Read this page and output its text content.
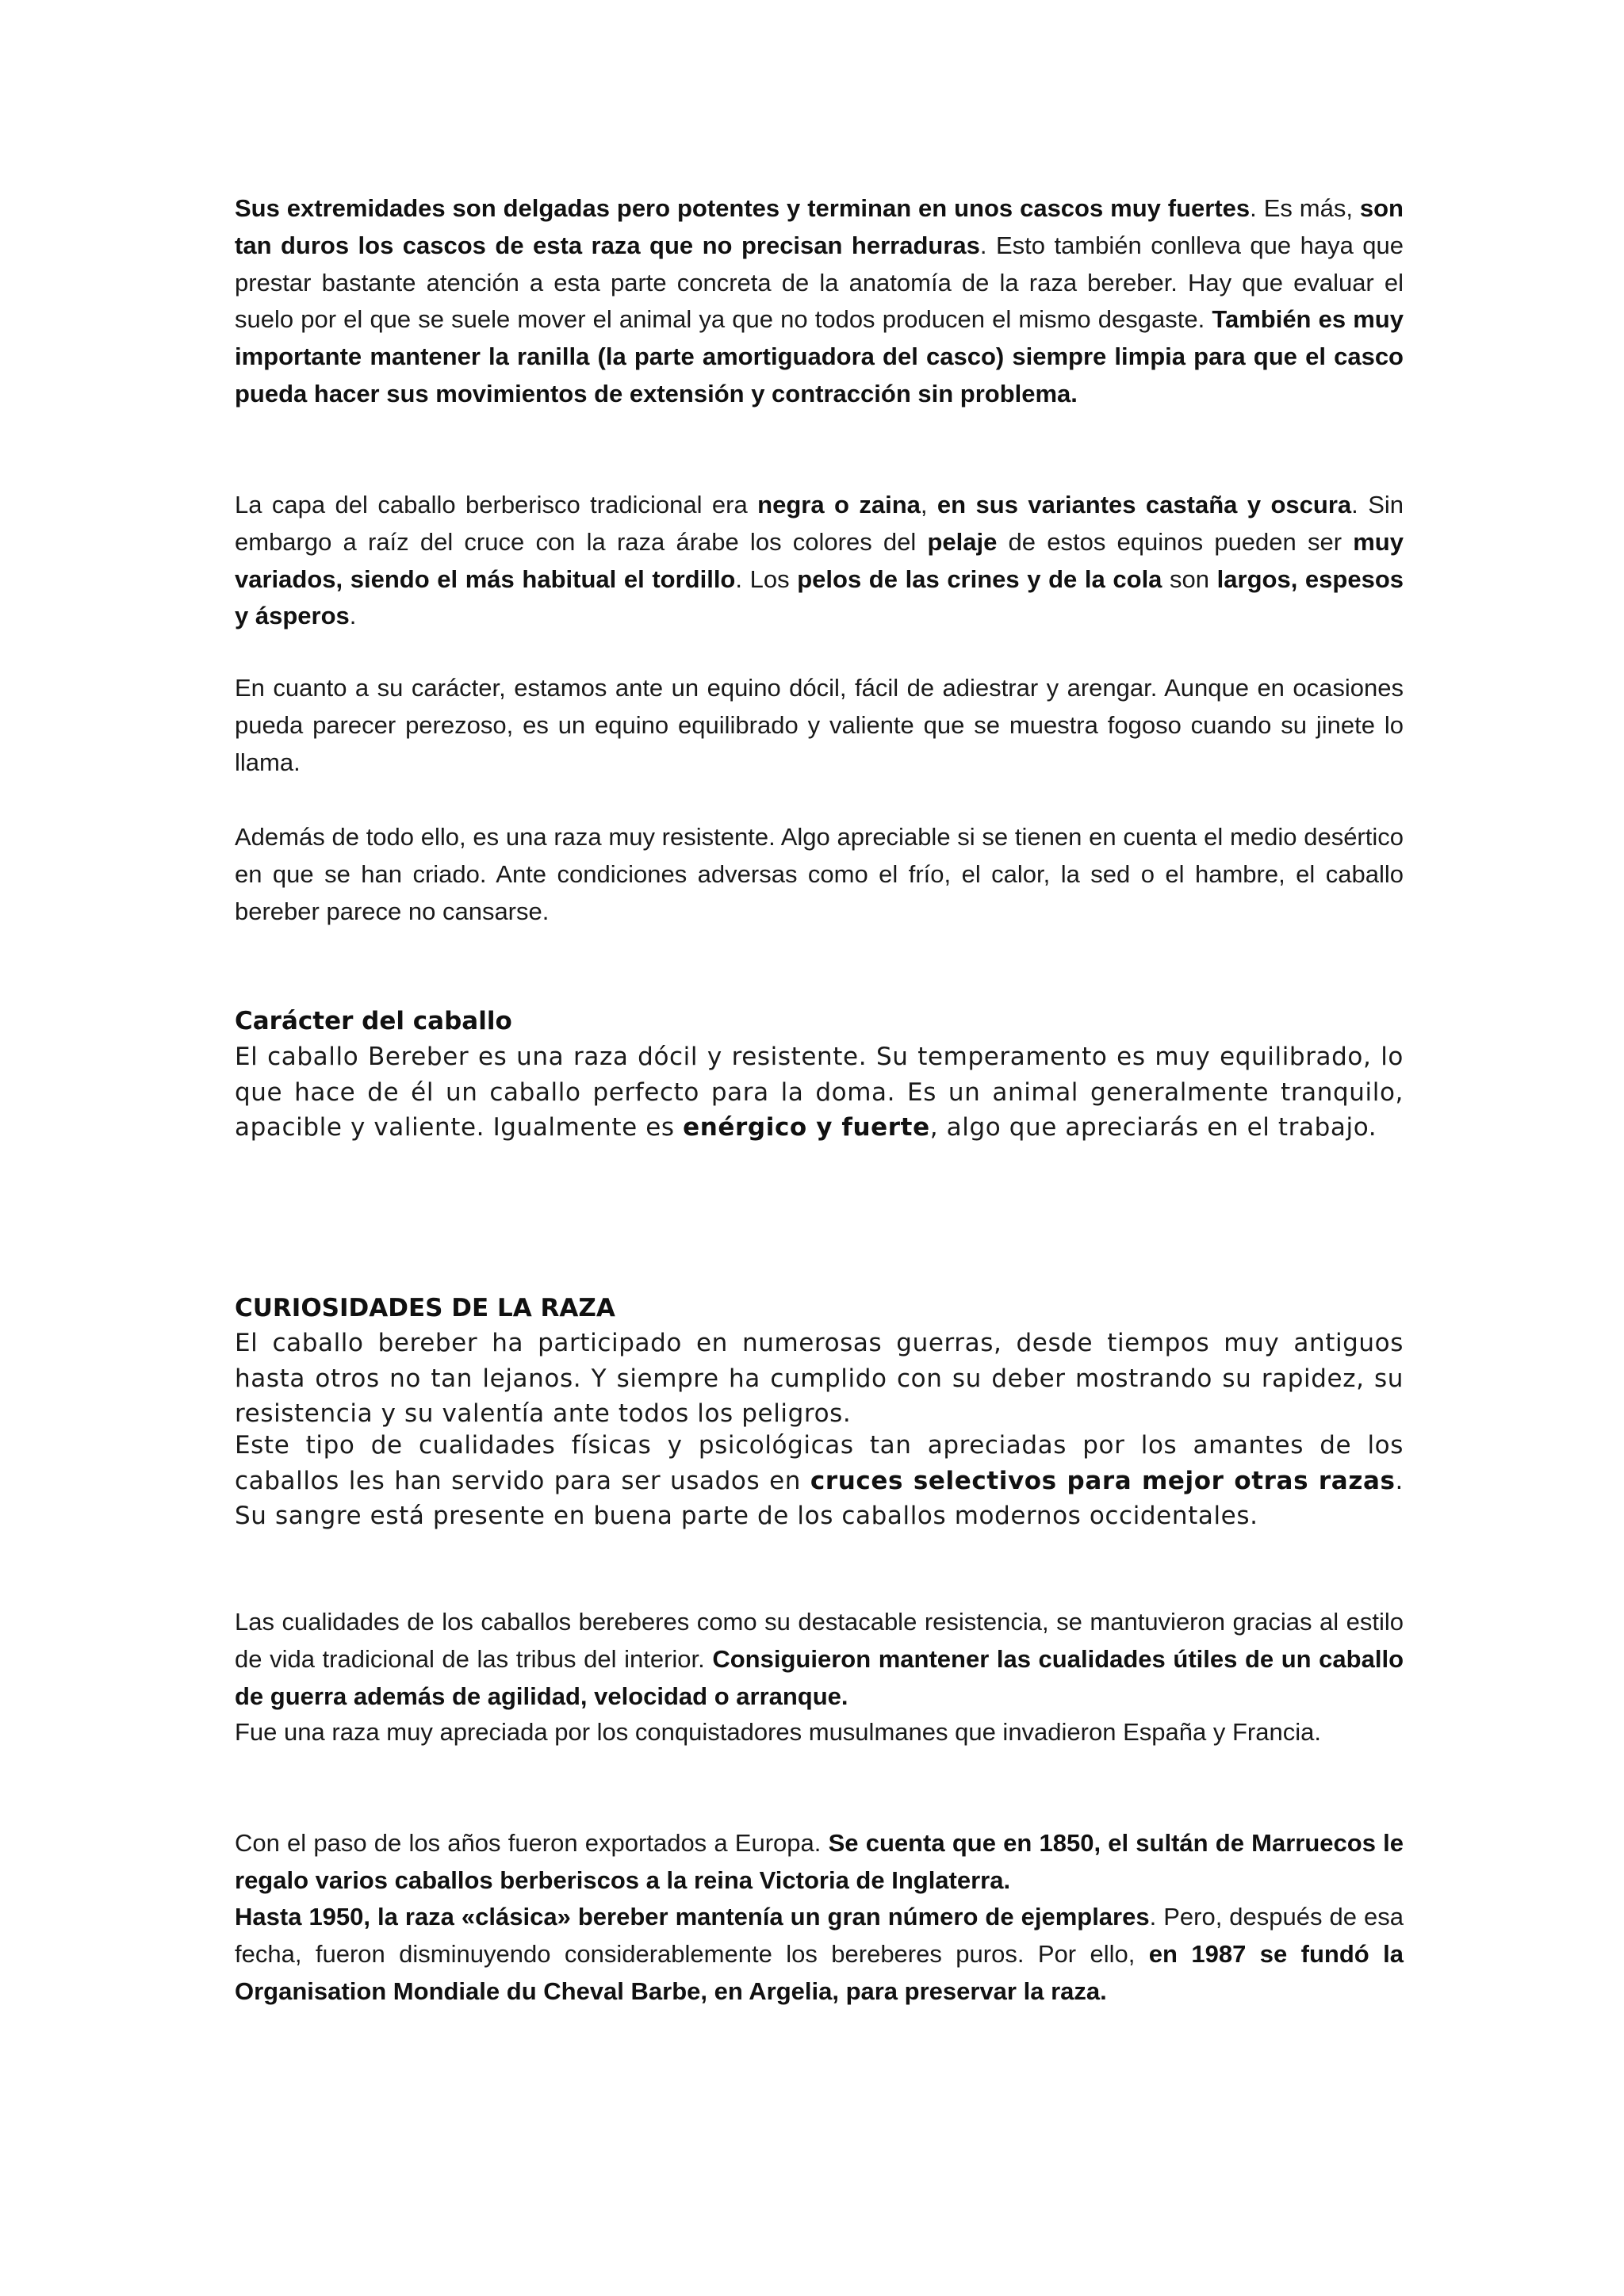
Sus extremidades son delgadas pero potentes y terminan en unos cascos muy fuertes. Es más, son tan duros los cascos de esta raza que no precisan herraduras. Esto también conlleva que haya que prestar bastante atención a esta parte concreta de la anatomía de la raza bereber. Hay que evaluar el suelo por el que se suele mover el animal ya que no todos producen el mismo desgaste. También es muy importante mantener la ranilla (la parte amortiguadora del casco) siempre limpia para que el casco pueda hacer sus movimientos de extensión y contracción sin problema.

La capa del caballo berberisco tradicional era negra o zaina, en sus variantes castaña y oscura. Sin embargo a raíz del cruce con la raza árabe los colores del pelaje de estos equinos pueden ser muy variados, siendo el más habitual el tordillo. Los pelos de las crines y de la cola son largos, espesos y ásperos.

En cuanto a su carácter, estamos ante un equino dócil, fácil de adiestrar y arengar. Aunque en ocasiones pueda parecer perezoso, es un equino equilibrado y valiente que se muestra fogoso cuando su jinete lo llama.

Además de todo ello, es una raza muy resistente. Algo apreciable si se tienen en cuenta el medio desértico en que se han criado. Ante condiciones adversas como el frío, el calor, la sed o el hambre, el caballo bereber parece no cansarse.

Carácter del caballo

El caballo Bereber es una raza dócil y resistente. Su temperamento es muy equilibrado, lo que hace de él un caballo perfecto para la doma. Es un animal generalmente tranquilo, apacible y valiente. Igualmente es enérgico y fuerte, algo que apreciarás en el trabajo.

CURIOSIDADES DE LA RAZA

El caballo bereber ha participado en numerosas guerras, desde tiempos muy antiguos hasta otros no tan lejanos. Y siempre ha cumplido con su deber mostrando su rapidez, su resistencia y su valentía ante todos los peligros.

Este tipo de cualidades físicas y psicológicas tan apreciadas por los amantes de los caballos les han servido para ser usados en cruces selectivos para mejor otras razas. Su sangre está presente en buena parte de los caballos modernos occidentales.

Las cualidades de los caballos bereberes como su destacable resistencia, se mantuvieron gracias al estilo de vida tradicional de las tribus del interior. Consiguieron mantener las cualidades útiles de un caballo de guerra además de agilidad, velocidad o arranque.

Fue una raza muy apreciada por los conquistadores musulmanes que invadieron España y Francia.

Con el paso de los años fueron exportados a Europa. Se cuenta que en 1850, el sultán de Marruecos le regalo varios caballos berberiscos a la reina Victoria de Inglaterra.

Hasta 1950, la raza «clásica» bereber mantenía un gran número de ejemplares. Pero, después de esa fecha, fueron disminuyendo considerablemente los bereberes puros. Por ello, en 1987 se fundó la Organisation Mondiale du Cheval Barbe, en Argelia, para preservar la raza.
